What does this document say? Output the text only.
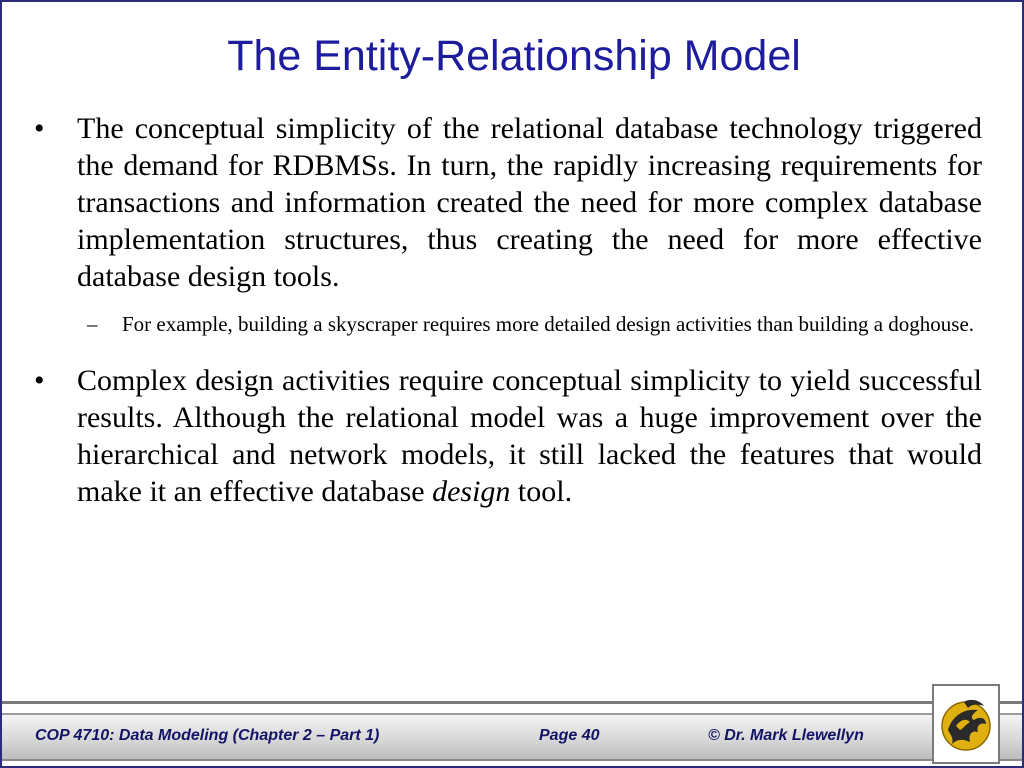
The Entity-Relationship Model
•	The conceptual simplicity of the relational database technology triggered the demand for RDBMSs. In turn, the rapidly increasing requirements for transactions and information created the need for more complex database implementation structures, thus creating the need for more effective database design tools.
–	For example, building a skyscraper requires more detailed design activities than building a doghouse.
•	Complex design activities require conceptual simplicity to yield successful results. Although the relational model was a huge improvement over the hierarchical and network models, it still lacked the features that would make it an effective database design tool.
COP 4710: Data Modeling (Chapter 2 – Part 1)	Page 40	© Dr. Mark Llewellyn
